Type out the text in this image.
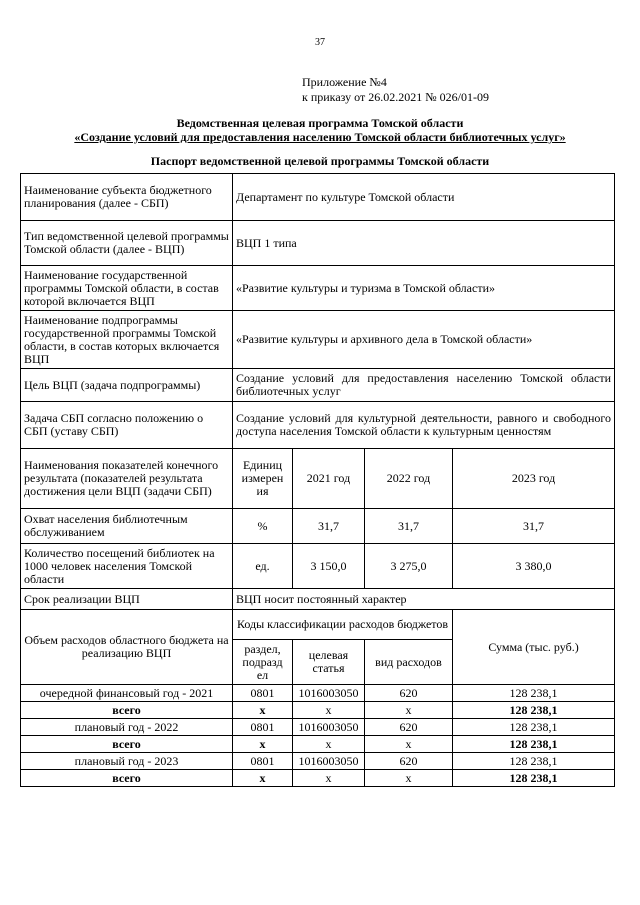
37
Приложение №4
к приказу от 26.02.2021 № 026/01-09
Ведомственная целевая программа Томской области
«Создание условий для предоставления населению Томской области библиотечных услуг»
Паспорт ведомственной целевой программы Томской области
Наименование субъекта бюджетного планирования (далее - СБП)	Департамент по культуре Томской области			
Тип ведомственной целевой программы Томской области (далее - ВЦП)	ВЦП 1 типа			
Наименование государственной программы Томской области, в состав которой включается ВЦП	«Развитие культуры и туризма в Томской области»			
Наименование подпрограммы государственной программы Томской области, в состав которых включается ВЦП	«Развитие культуры и архивного дела в Томской области»			
Цель ВЦП (задача подпрограммы)	Создание условий для предоставления населению Томской области библиотечных услуг			
Задача СБП согласно положению о СБП (уставу СБП)	Создание условий для культурной деятельности, равного и свободного доступа населения Томской области к культурным ценностям			
Наименования показателей конечного результата (показателей результата достижения цели ВЦП (задачи СБП)	Единиц измерен ия	2021 год	2022 год	2023 год
Охват населения библиотечным обслуживанием	%	31,7	31,7	31,7
Количество посещений библиотек на 1000 человек населения Томской области	ед.	3 150,0	3 275,0	3 380,0
Срок реализации ВЦП	ВЦП носит постоянный характер			
Объем расходов областного бюджета на реализацию ВЦП	Коды классификации расходов бюджетов			Сумма (тыс. руб.)
	раздел, подразд ел	целевая статья	вид расходов	
очередной финансовый год - 2021	0801	1016003050	620	128 238,1
всего	х	х	х	128 238,1
плановый год - 2022	0801	1016003050	620	128 238,1
всего	х	х	х	128 238,1
плановый год - 2023	0801	1016003050	620	128 238,1
всего	х	х	х	128 238,1
